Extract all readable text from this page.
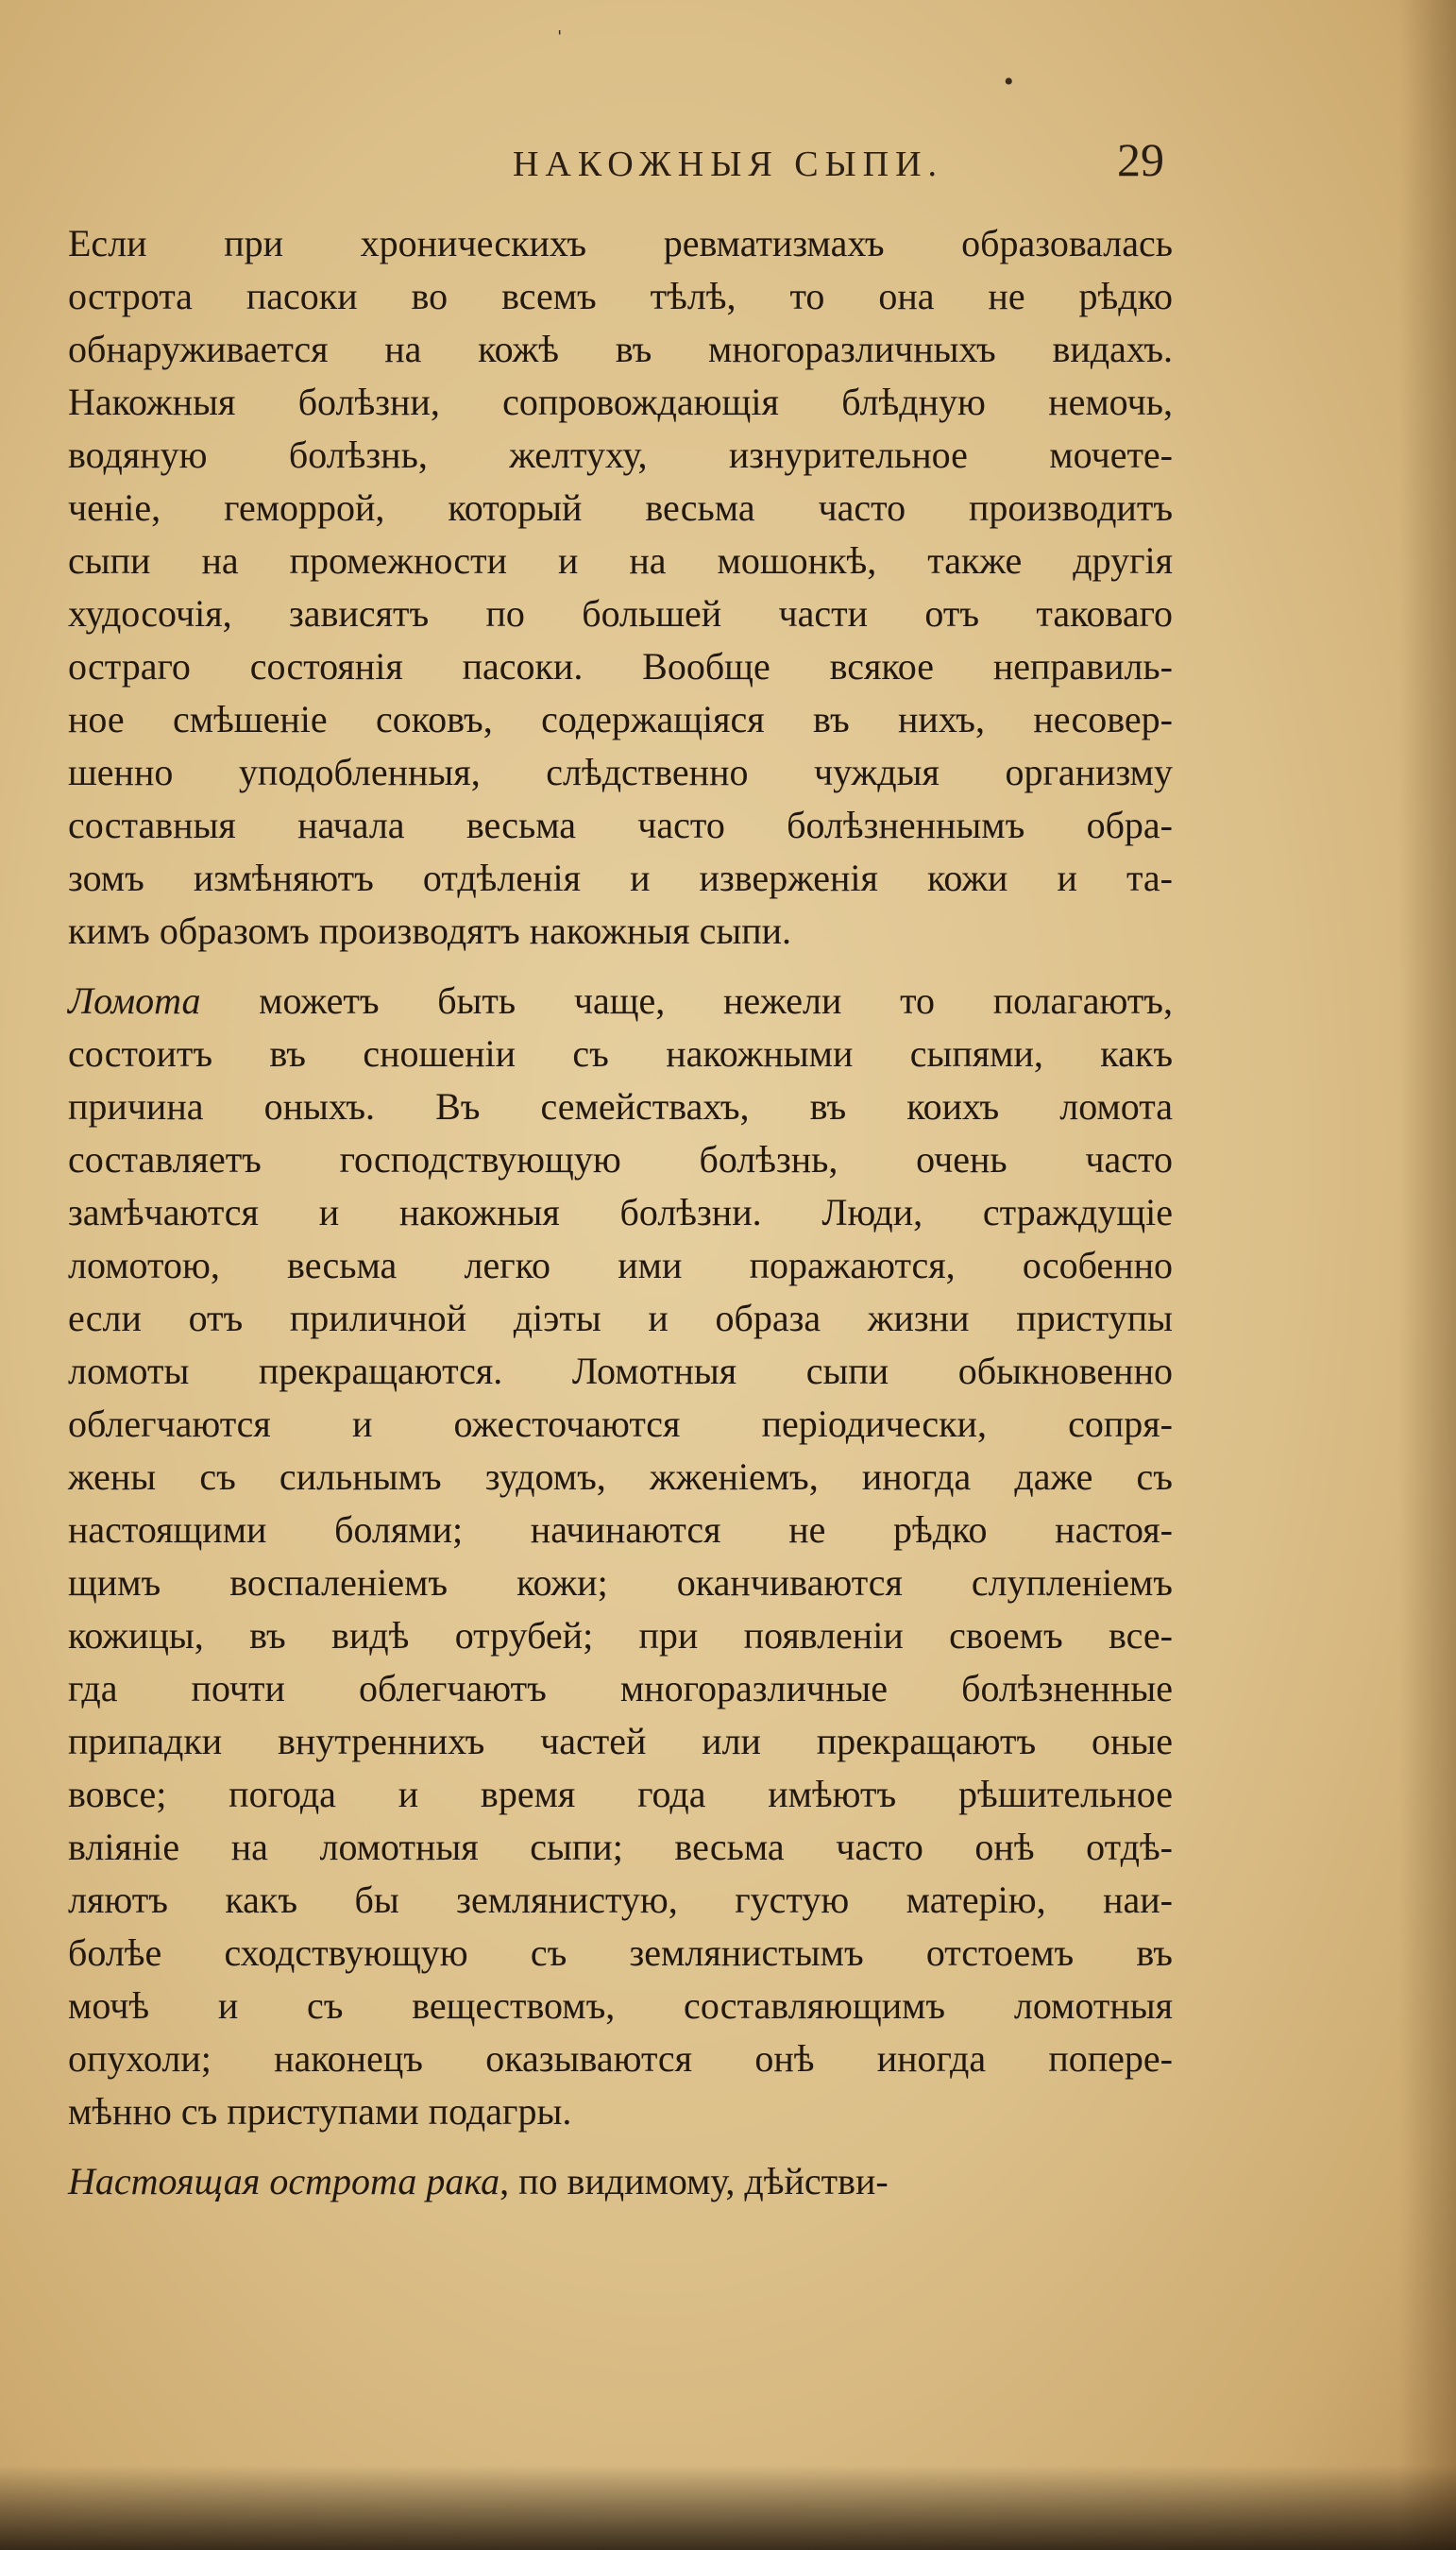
НАКОЖНЫЯ СЫПИ.	29
ˈ
•
Если при хроническихъ ревматизмахъ образовалась
острота пасоки во всемъ тѣлѣ, то она не рѣдко
обнаруживается на кожѣ въ многоразличныхъ видахъ.
Накожныя болѣзни, сопровождающія блѣдную немочь,
водяную болѣзнь, желтуху, изнурительное мочете-
ченіе, геморрой, который весьма часто производитъ
сыпи на промежности и на мошонкѣ, также другія
худосочія, зависятъ по большей части отъ таковаго
остраго состоянія пасоки. Вообще всякое неправиль-
ное смѣшеніе соковъ, содержащіяся въ нихъ, несовер-
шенно уподобленныя, слѣдственно чуждыя организму
составныя начала весьма часто болѣзненнымъ обра-
зомъ измѣняютъ отдѣленія и изверженія кожи и та-
кимъ образомъ производятъ накожныя сыпи.
Ломота можетъ быть чаще, нежели то полагаютъ,
состоитъ въ сношеніи съ накожными сыпями, какъ
причина оныхъ. Въ семействахъ, въ коихъ ломота
составляетъ господствующую болѣзнь, очень часто
замѣчаются и накожныя болѣзни. Люди, страждущіе
ломотою, весьма легко ими поражаются, особенно
если отъ приличной діэты и образа жизни приступы
ломоты прекращаются. Ломотныя сыпи обыкновенно
облегчаются и ожесточаются періодически, сопря-
жены съ сильнымъ зудомъ, жженіемъ, иногда даже съ
настоящими болями; начинаются не рѣдко настоя-
щимъ воспаленіемъ кожи; оканчиваются слупленіемъ
кожицы, въ видѣ отрубей; при появленіи своемъ все-
гда почти облегчаютъ многоразличные болѣзненные
припадки внутреннихъ частей или прекращаютъ оные
вовсе; погода и время года имѣютъ рѣшительное
вліяніе на ломотныя сыпи; весьма часто онѣ отдѣ-
ляютъ какъ бы землянистую, густую матерію, наи-
болѣе сходствующую съ землянистымъ отстоемъ въ
мочѣ и съ веществомъ, составляющимъ ломотныя
опухоли; наконецъ оказываются онѣ иногда попере-
мѣнно съ приступами подагры.
Настоящая острота рака, по видимому, дѣйстви-
